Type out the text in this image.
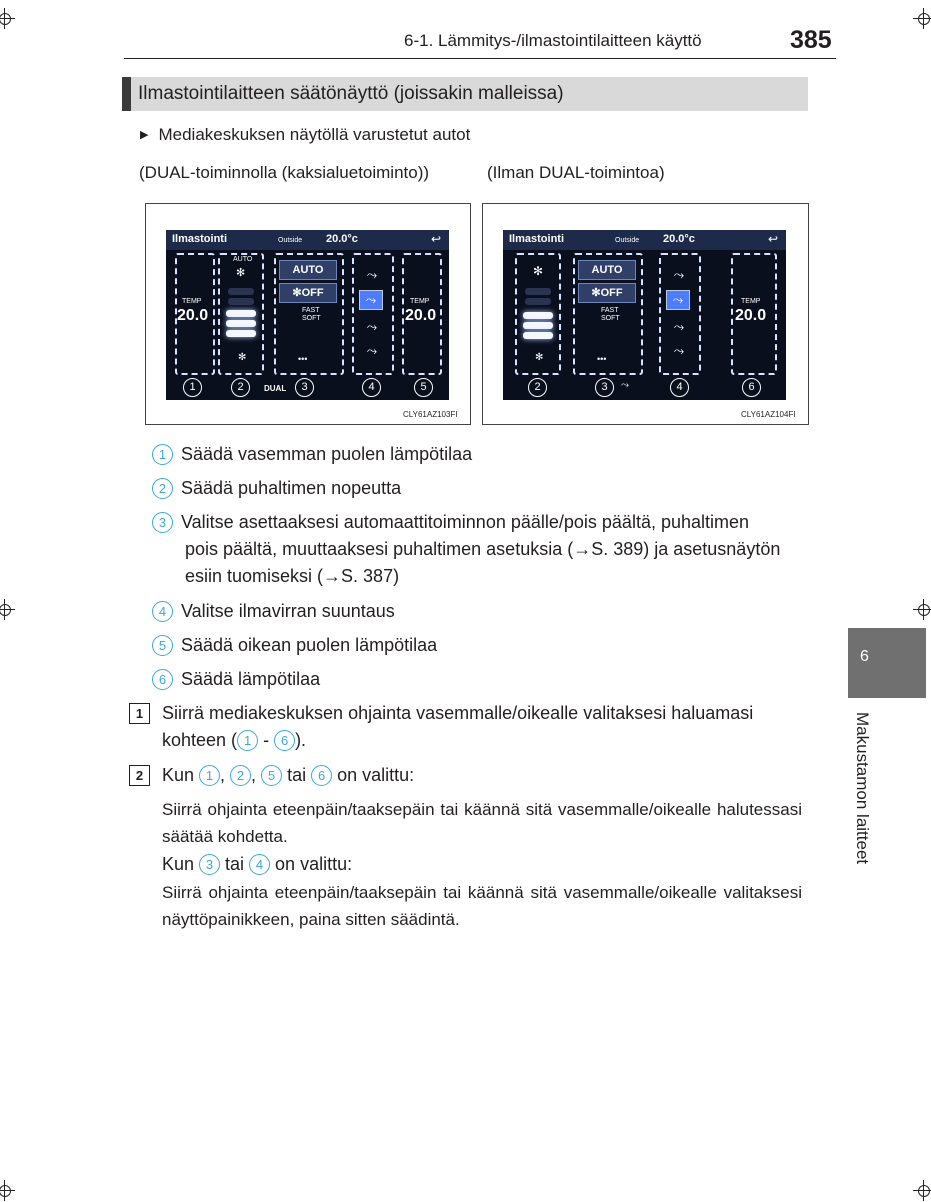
6-1. Lämmitys-/ilmastointilaitteen käyttö	385
Ilmastointilaitteen säätönäyttö (joissakin malleissa)
▶ Mediakeskuksen näytöllä varustetut autot
(DUAL-toiminnolla (kaksialuetoiminto))	(Ilman DUAL-toimintoa)
Ilmastointi	Outside 20.0°c	↩
TEMP
20.0
AUTO
✻
✻
AUTO
✻OFF
FAST
SOFT
•••
⤳
⤳
⤳
⤳
TEMP
20.0
DUAL
1	2	3	4	5
CLY61AZ103FI
Ilmastointi	Outside 20.0°c	↩
✻
✻
AUTO
✻OFF
FAST
SOFT
•••
⤳
⤳
⤳
⤳
TEMP
20.0
⤳
2	3	4	6
CLY61AZ104FI
1 Säädä vasemman puolen lämpötilaa
2 Säädä puhaltimen nopeutta
3 Valitse asettaaksesi automaattitoiminnon päälle/pois päältä, puhaltimen
pois päältä, muuttaaksesi puhaltimen asetuksia (→S. 389) ja asetusnäytön
esiin tuomiseksi (→S. 387)
4 Valitse ilmavirran suuntaus
5 Säädä oikean puolen lämpötilaa
6 Säädä lämpötilaa
1	Siirrä mediakeskuksen ohjainta vasemmalle/oikealle valitaksesi haluamasi
kohteen ( 1 - 6 ).
2	Kun 1 , 2 , 5 tai 6 on valittu:
Siirrä ohjainta eteenpäin/taaksepäin tai käännä sitä vasemmalle/oikealle halutessasi säätää kohdetta.
Kun 3 tai 4 on valittu:
Siirrä ohjainta eteenpäin/taaksepäin tai käännä sitä vasemmalle/oikealle valitaksesi näyttöpainikkeen, paina sitten säädintä.
6
Makustamon laitteet
